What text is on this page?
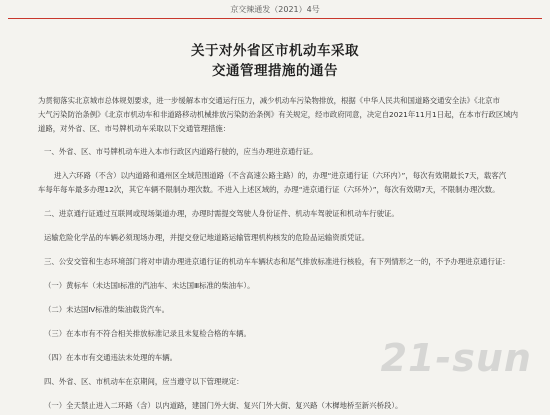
京交辣通发（2021）4号
关于对外省区市机动车采取
交通管理措施的通告
为贯彻落实北京城市总体规划要求，进一步缓解本市交通运行压力，减少机动车污染物排放，根据《中华人民共和国道路交通安全法》《北京市
大气污染防治条例》《北京市机动车和非道路移动机械排放污染防治条例》有关规定，经市政府同意，决定自2021年11月1日起，在本市行政区域内
道路，对外省、区、市号牌机动车采取以下交通管理措施：
一、外省、区、市号牌机动车进入本市行政区内道路行驶的，应当办理进京通行证。
进入六环路（不含）以内道路和通州区全域范围道路（不含高速公路主路）的，办理“进京通行证（六环内）”，每次有效期最长7天，载客汽
车每年每车最多办理12次，其它车辆不限制办理次数。不进入上述区域的，办理“进京通行证（六环外）”，每次有效期7天，不限制办理次数。
二、进京通行证通过互联网或现场渠道办理，办理时需提交驾驶人身份证件、机动车驾驶证和机动车行驶证。
运输危险化学品的车辆必须现场办理，并提交登记地道路运输管理机构核发的危险品运输资质凭证。
三、公安交管和生态环境部门将对申请办理进京通行证的机动车车辆状态和尾气排放标准进行核验，有下列情形之一的，不予办理进京通行证：
（一）黄标车（未达国Ⅰ标准的汽油车、未达国Ⅲ标准的柴油车）。
（二）未达国Ⅳ标准的柴油载货汽车。
（三）在本市有不符合相关排放标准记录且未复检合格的车辆。
（四）在本市有交通违法未处理的车辆。
四、外省、区、市机动车在京期间，应当遵守以下管理规定：
（一）全天禁止进入二环路（含）以内道路，建国门外大街、复兴门外大街、复兴路（木樨地桥至新兴桥段）。
21-sun
